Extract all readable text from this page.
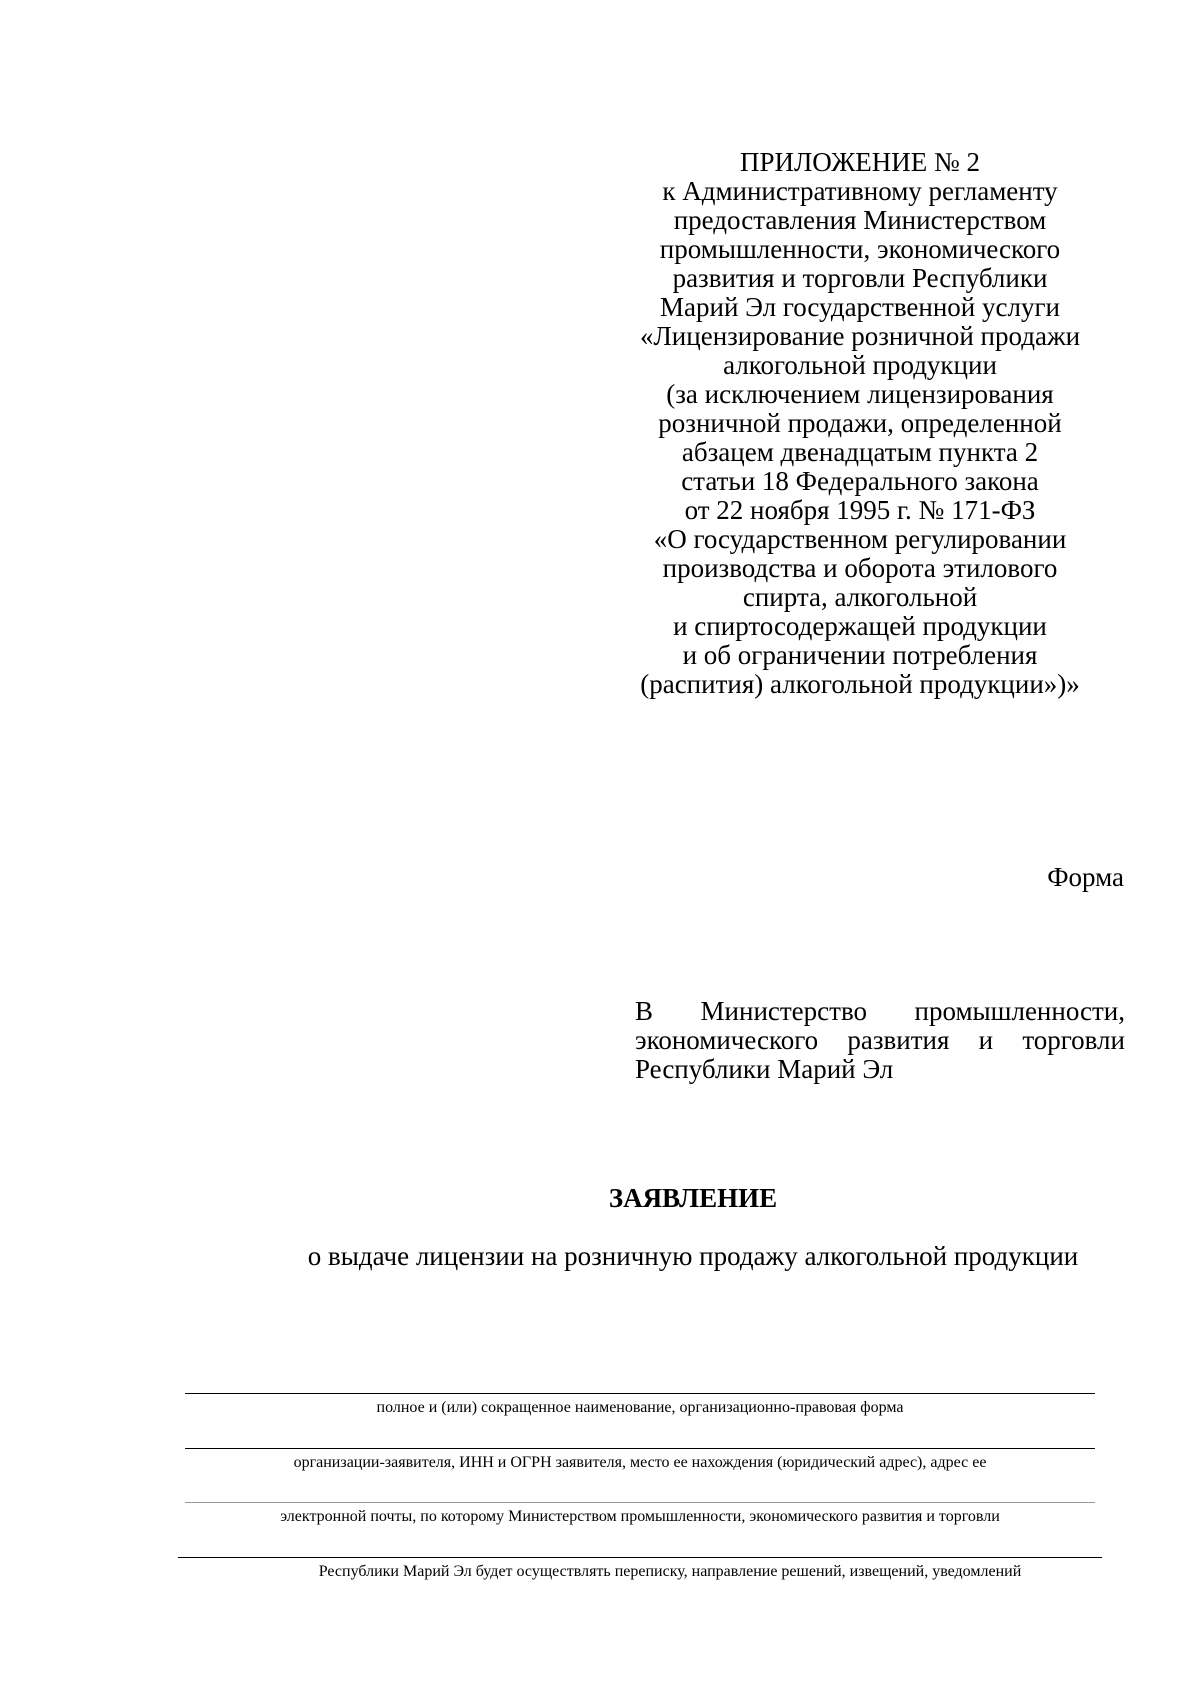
ПРИЛОЖЕНИЕ № 2
к Административному регламенту
предоставления Министерством
промышленности, экономического
развития и торговли Республики
Марий Эл государственной услуги
«Лицензирование розничной продажи
алкогольной продукции
(за исключением лицензирования
розничной продажи, определенной
абзацем двенадцатым пункта 2
статьи 18 Федерального закона
от 22 ноября 1995 г. № 171-ФЗ
«О государственном регулировании
производства и оборота этилового
спирта, алкогольной
и спиртосодержащей продукции
и об ограничении потребления
(распития) алкогольной продукции»)»
Форма
В Министерство промышленности, экономического развития и торговли Республики Марий Эл
ЗАЯВЛЕНИЕ
о выдаче лицензии на розничную продажу алкогольной продукции
полное и (или) сокращенное наименование, организационно-правовая форма
организации-заявителя, ИНН и ОГРН заявителя, место ее нахождения (юридический адрес), адрес ее
электронной почты, по которому Министерством промышленности, экономического развития и торговли
Республики Марий Эл будет осуществлять переписку, направление решений, извещений, уведомлений
